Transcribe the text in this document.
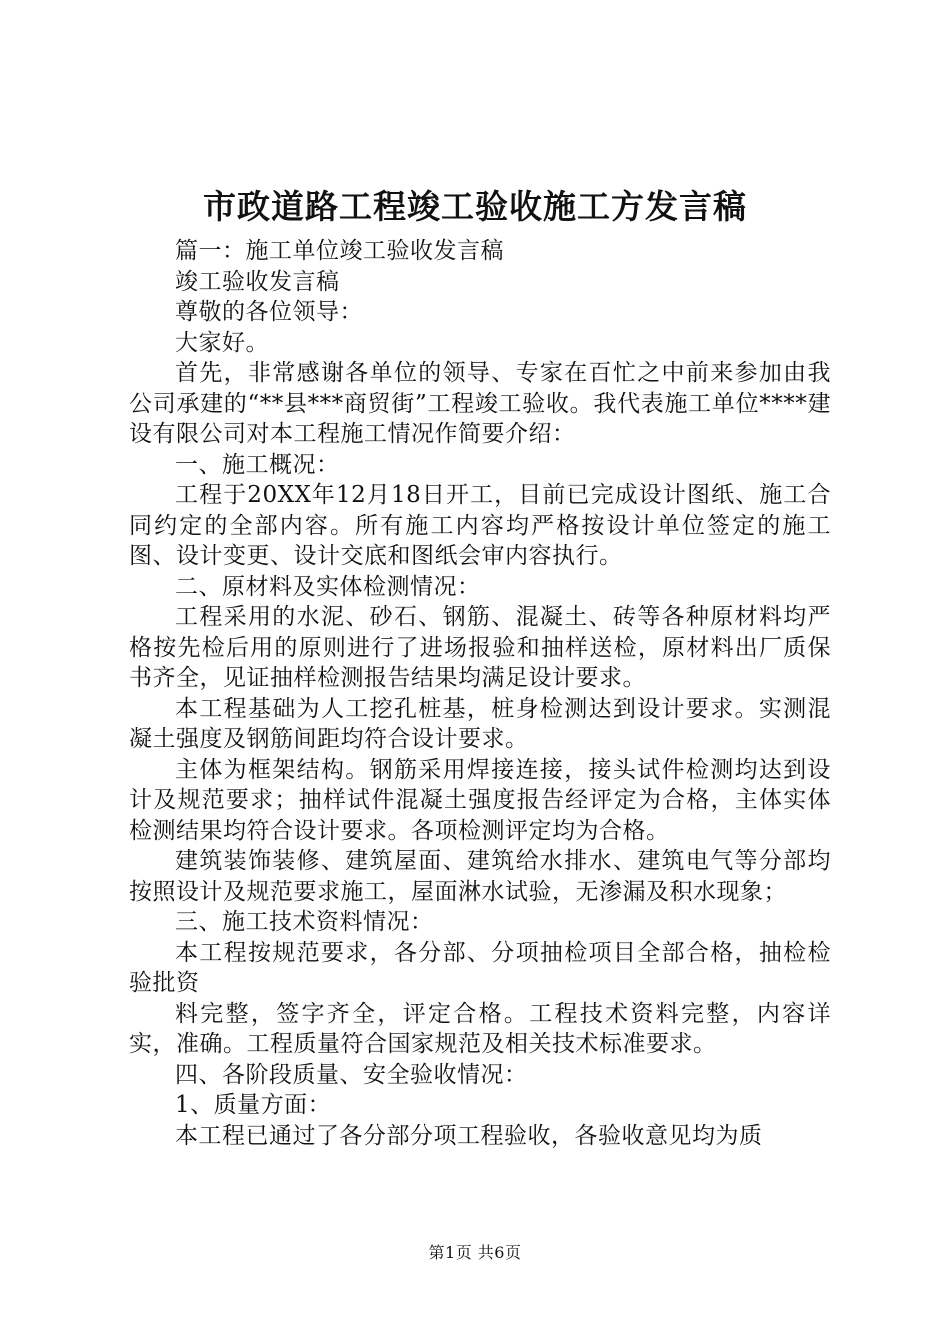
市政道路工程竣工验收施工方发言稿

篇一：施工单位竣工验收发言稿

竣工验收发言稿

尊敬的各位领导：

大家好。

首先，非常感谢各单位的领导、专家在百忙之中前来参加由我公司承建的“**县***商贸街”工程竣工验收。我代表施工单位****建设有限公司对本工程施工情况作简要介绍：

一、施工概况：

工程于20XX年12月18日开工，目前已完成设计图纸、施工合同约定的全部内容。所有施工内容均严格按设计单位签定的施工图、设计变更、设计交底和图纸会审内容执行。

二、原材料及实体检测情况：

工程采用的水泥、砂石、钢筋、混凝土、砖等各种原材料均严格按先检后用的原则进行了进场报验和抽样送检，原材料出厂质保书齐全，见证抽样检测报告结果均满足设计要求。

本工程基础为人工挖孔桩基，桩身检测达到设计要求。实测混凝土强度及钢筋间距均符合设计要求。

主体为框架结构。钢筋采用焊接连接，接头试件检测均达到设计及规范要求；抽样试件混凝土强度报告经评定为合格，主体实体检测结果均符合设计要求。各项检测评定均为合格。

建筑装饰装修、建筑屋面、建筑给水排水、建筑电气等分部均按照设计及规范要求施工，屋面淋水试验，无渗漏及积水现象；

三、施工技术资料情况：

本工程按规范要求，各分部、分项抽检项目全部合格，抽检检验批资

料完整，签字齐全，评定合格。工程技术资料完整，内容详实，准确。工程质量符合国家规范及相关技术标准要求。

四、各阶段质量、安全验收情况：

1、质量方面：

本工程已通过了各分部分项工程验收，各验收意见均为质

第1页 共6页
